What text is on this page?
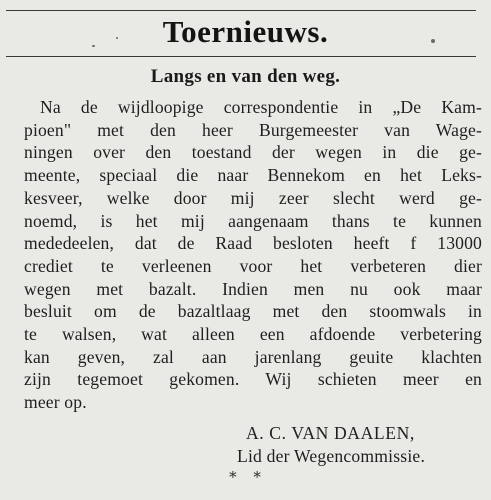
Toernieuws.
Langs en van den weg.
Na de wijdloopige correspondentie in „De Kam-
pioen" met den heer Burgemeester van Wage-
ningen over den toestand der wegen in die ge-
meente, speciaal die naar Bennekom en het Leks-
kesveer, welke door mij zeer slecht werd ge-
noemd, is het mij aangenaam thans te kunnen
mededeelen, dat de Raad besloten heeft f 13000
crediet te verleenen voor het verbeteren dier
wegen met bazalt. Indien men nu ook maar
besluit om de bazaltlaag met den stoomwals in
te walsen, wat alleen een afdoende verbetering
kan geven, zal aan jarenlang geuite klachten
zijn tegemoet gekomen. Wij schieten meer en
meer op.
A. C. VAN DAALEN,
Lid der Wegencommissie.
* *
